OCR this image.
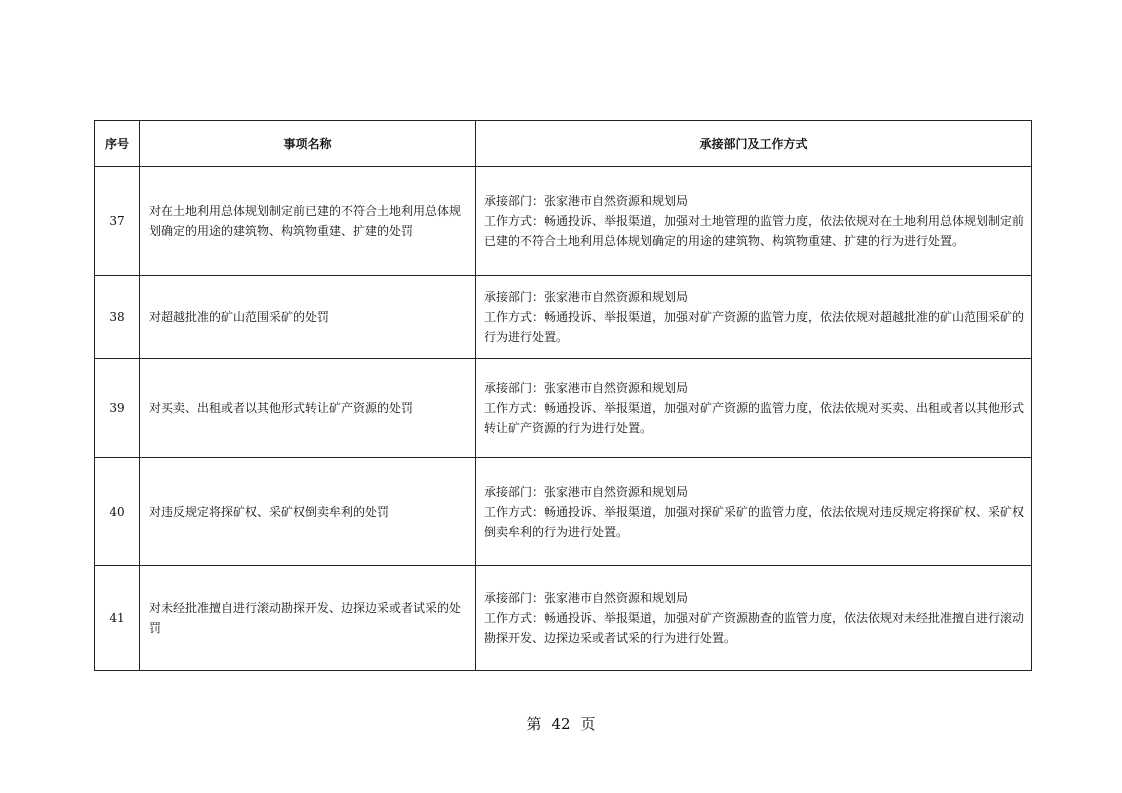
序号	事项名称	承接部门及工作方式
37	对在土地利用总体规划制定前已建的不符合土地利用总体规划确定的用途的建筑物、构筑物重建、扩建的处罚	承接部门：张家港市自然资源和规划局
工作方式：畅通投诉、举报渠道，加强对土地管理的监管力度，依法依规对在土地利用总体规划制定前已建的不符合土地利用总体规划确定的用途的建筑物、构筑物重建、扩建的行为进行处置。

38	对超越批准的矿山范围采矿的处罚	承接部门：张家港市自然资源和规划局
工作方式：畅通投诉、举报渠道，加强对矿产资源的监管力度，依法依规对超越批准的矿山范围采矿的行为进行处置。

39	对买卖、出租或者以其他形式转让矿产资源的处罚	承接部门：张家港市自然资源和规划局
工作方式：畅通投诉、举报渠道，加强对矿产资源的监管力度，依法依规对买卖、出租或者以其他形式转让矿产资源的行为进行处置。

40	对违反规定将探矿权、采矿权倒卖牟利的处罚	承接部门：张家港市自然资源和规划局
工作方式：畅通投诉、举报渠道，加强对探矿采矿的监管力度，依法依规对违反规定将探矿权、采矿权倒卖牟利的行为进行处置。

41	对未经批准擅自进行滚动勘探开发、边探边采或者试采的处罚	承接部门：张家港市自然资源和规划局
工作方式：畅通投诉、举报渠道，加强对矿产资源勘查的监管力度，依法依规对未经批准擅自进行滚动勘探开发、边探边采或者试采的行为进行处置。
第 42 页
